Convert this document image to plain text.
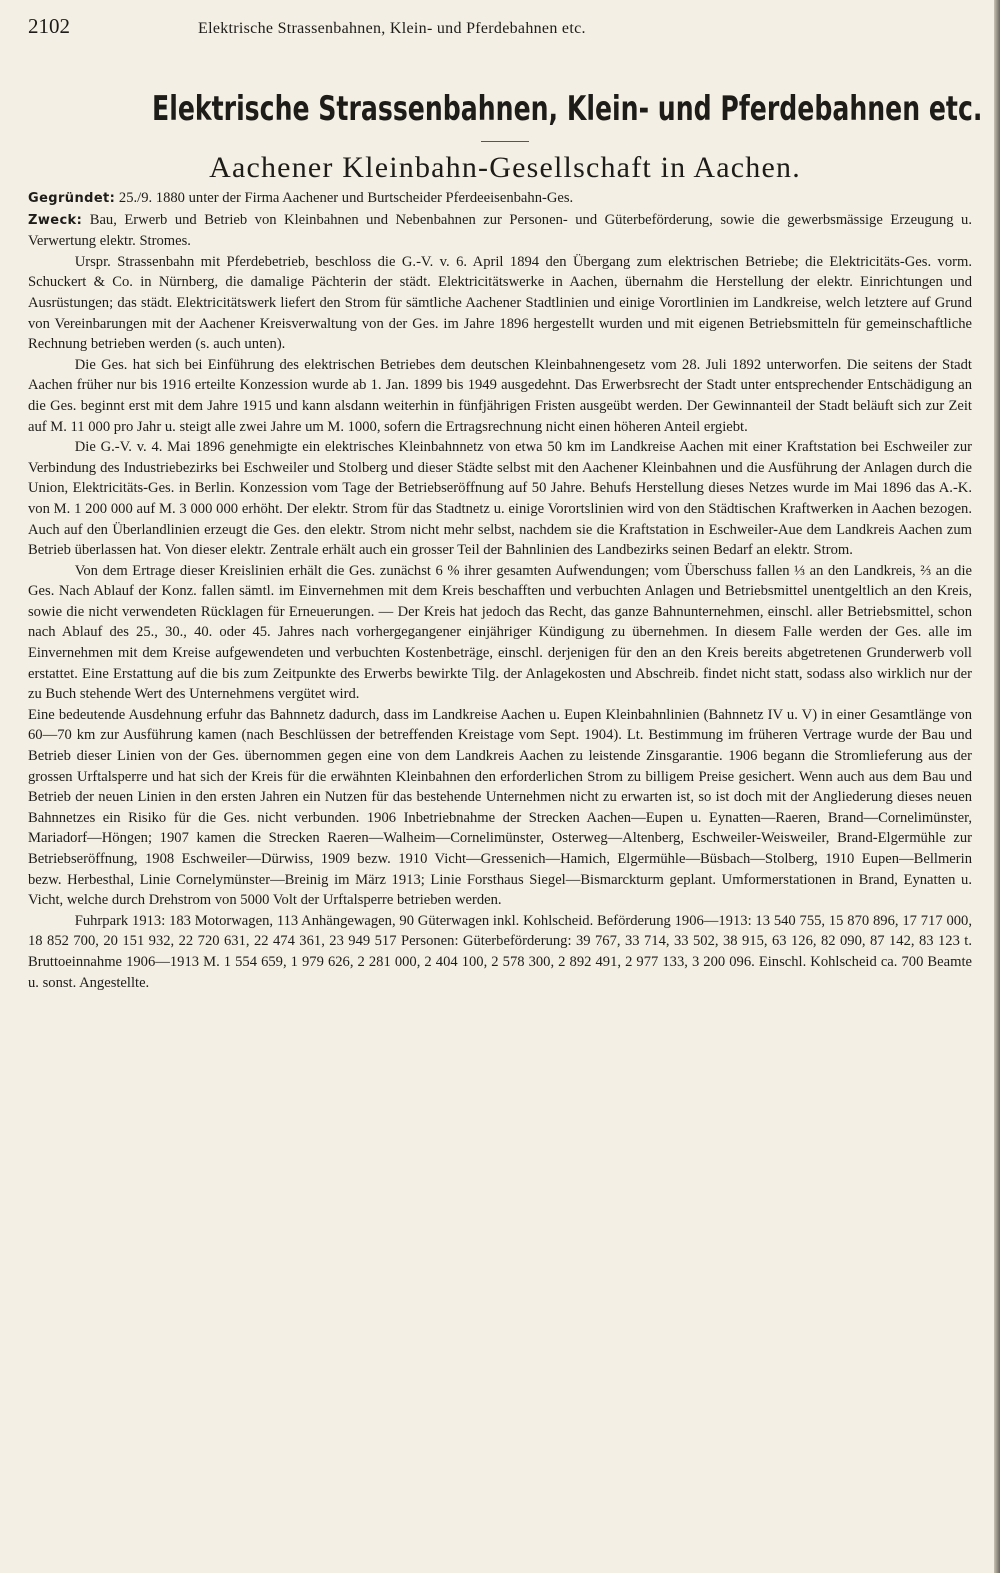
2102	Elektrische Strassenbahnen, Klein- und Pferdebahnen etc.
Elektrische Strassenbahnen, Klein- und Pferdebahnen etc.
Aachener Kleinbahn-Gesellschaft in Aachen.

Gegründet: 25./9. 1880 unter der Firma Aachener und Burtscheider Pferdeeisenbahn-Ges.

Zweck: Bau, Erwerb und Betrieb von Kleinbahnen und Nebenbahnen zur Personen- und Güterbeförderung, sowie die gewerbsmässige Erzeugung u. Verwertung elektr. Stromes.

Urspr. Strassenbahn mit Pferdebetrieb, beschloss die G.-V. v. 6. April 1894 den Übergang zum elektrischen Betriebe; die Elektricitäts-Ges. vorm. Schuckert & Co. in Nürnberg, die damalige Pächterin der städt. Elektricitätswerke in Aachen, übernahm die Herstellung der elektr. Einrichtungen und Ausrüstungen; das städt. Elektricitätswerk liefert den Strom für sämtliche Aachener Stadtlinien und einige Vorortlinien im Landkreise, welch letztere auf Grund von Vereinbarungen mit der Aachener Kreisverwaltung von der Ges. im Jahre 1896 hergestellt wurden und mit eigenen Betriebsmitteln für gemeinschaftliche Rechnung betrieben werden (s. auch unten).

Die Ges. hat sich bei Einführung des elektrischen Betriebes dem deutschen Kleinbahnengesetz vom 28. Juli 1892 unterworfen. Die seitens der Stadt Aachen früher nur bis 1916 erteilte Konzession wurde ab 1. Jan. 1899 bis 1949 ausgedehnt. Das Erwerbsrecht der Stadt unter entsprechender Entschädigung an die Ges. beginnt erst mit dem Jahre 1915 und kann alsdann weiterhin in fünfjährigen Fristen ausgeübt werden. Der Gewinnanteil der Stadt beläuft sich zur Zeit auf M. 11 000 pro Jahr u. steigt alle zwei Jahre um M. 1000, sofern die Ertragsrechnung nicht einen höheren Anteil ergiebt.

Die G.-V. v. 4. Mai 1896 genehmigte ein elektrisches Kleinbahnnetz von etwa 50 km im Landkreise Aachen mit einer Kraftstation bei Eschweiler zur Verbindung des Industriebezirks bei Eschweiler und Stolberg und dieser Städte selbst mit den Aachener Kleinbahnen und die Ausführung der Anlagen durch die Union, Elektricitäts-Ges. in Berlin. Konzession vom Tage der Betriebseröffnung auf 50 Jahre. Behufs Herstellung dieses Netzes wurde im Mai 1896 das A.-K. von M. 1 200 000 auf M. 3 000 000 erhöht. Der elektr. Strom für das Stadtnetz u. einige Vorortslinien wird von den Städtischen Kraftwerken in Aachen bezogen. Auch auf den Überlandlinien erzeugt die Ges. den elektr. Strom nicht mehr selbst, nachdem sie die Kraftstation in Eschweiler-Aue dem Landkreis Aachen zum Betrieb überlassen hat. Von dieser elektr. Zentrale erhält auch ein grosser Teil der Bahnlinien des Landbezirks seinen Bedarf an elektr. Strom.

Von dem Ertrage dieser Kreislinien erhält die Ges. zunächst 6 % ihrer gesamten Aufwendungen; vom Überschuss fallen ⅓ an den Landkreis, ⅔ an die Ges. Nach Ablauf der Konz. fallen sämtl. im Einvernehmen mit dem Kreis beschafften und verbuchten Anlagen und Betriebsmittel unentgeltlich an den Kreis, sowie die nicht verwendeten Rücklagen für Erneuerungen. — Der Kreis hat jedoch das Recht, das ganze Bahnunternehmen, einschl. aller Betriebsmittel, schon nach Ablauf des 25., 30., 40. oder 45. Jahres nach vorhergegangener einjähriger Kündigung zu übernehmen. In diesem Falle werden der Ges. alle im Einvernehmen mit dem Kreise aufgewendeten und verbuchten Kostenbeträge, einschl. derjenigen für den an den Kreis bereits abgetretenen Grunderwerb voll erstattet. Eine Erstattung auf die bis zum Zeitpunkte des Erwerbs bewirkte Tilg. der Anlagekosten und Abschreib. findet nicht statt, sodass also wirklich nur der zu Buch stehende Wert des Unternehmens vergütet wird.

Eine bedeutende Ausdehnung erfuhr das Bahnnetz dadurch, dass im Landkreise Aachen u. Eupen Kleinbahnlinien (Bahnnetz IV u. V) in einer Gesamtlänge von 60—70 km zur Ausführung kamen (nach Beschlüssen der betreffenden Kreistage vom Sept. 1904). Lt. Bestimmung im früheren Vertrage wurde der Bau und Betrieb dieser Linien von der Ges. übernommen gegen eine von dem Landkreis Aachen zu leistende Zinsgarantie. 1906 begann die Stromlieferung aus der grossen Urftalsperre und hat sich der Kreis für die erwähnten Kleinbahnen den erforderlichen Strom zu billigem Preise gesichert. Wenn auch aus dem Bau und Betrieb der neuen Linien in den ersten Jahren ein Nutzen für das bestehende Unternehmen nicht zu erwarten ist, so ist doch mit der Angliederung dieses neuen Bahnnetzes ein Risiko für die Ges. nicht verbunden. 1906 Inbetriebnahme der Strecken Aachen—Eupen u. Eynatten—Raeren, Brand—Cornelimünster, Mariadorf—Höngen; 1907 kamen die Strecken Raeren—Walheim—Cornelimünster, Osterweg—Altenberg, Eschweiler-Weisweiler, Brand-Elgermühle zur Betriebseröffnung, 1908 Eschweiler—Dürwiss, 1909 bezw. 1910 Vicht—Gressenich—Hamich, Elgermühle—Büsbach—Stolberg, 1910 Eupen—Bellmerin bezw. Herbesthal, Linie Cornelymünster—Breinig im März 1913; Linie Forsthaus Siegel—Bismarckturm geplant. Umformerstationen in Brand, Eynatten u. Vicht, welche durch Drehstrom von 5000 Volt der Urftalsperre betrieben werden.

Fuhrpark 1913: 183 Motorwagen, 113 Anhängewagen, 90 Güterwagen inkl. Kohlscheid. Beförderung 1906—1913: 13 540 755, 15 870 896, 17 717 000, 18 852 700, 20 151 932, 22 720 631, 22 474 361, 23 949 517 Personen: Güterbeförderung: 39 767, 33 714, 33 502, 38 915, 63 126, 82 090, 87 142, 83 123 t. Bruttoeinnahme 1906—1913 M. 1 554 659, 1 979 626, 2 281 000, 2 404 100, 2 578 300, 2 892 491, 2 977 133, 3 200 096. Einschl. Kohlscheid ca. 700 Beamte u. sonst. Angestellte.
